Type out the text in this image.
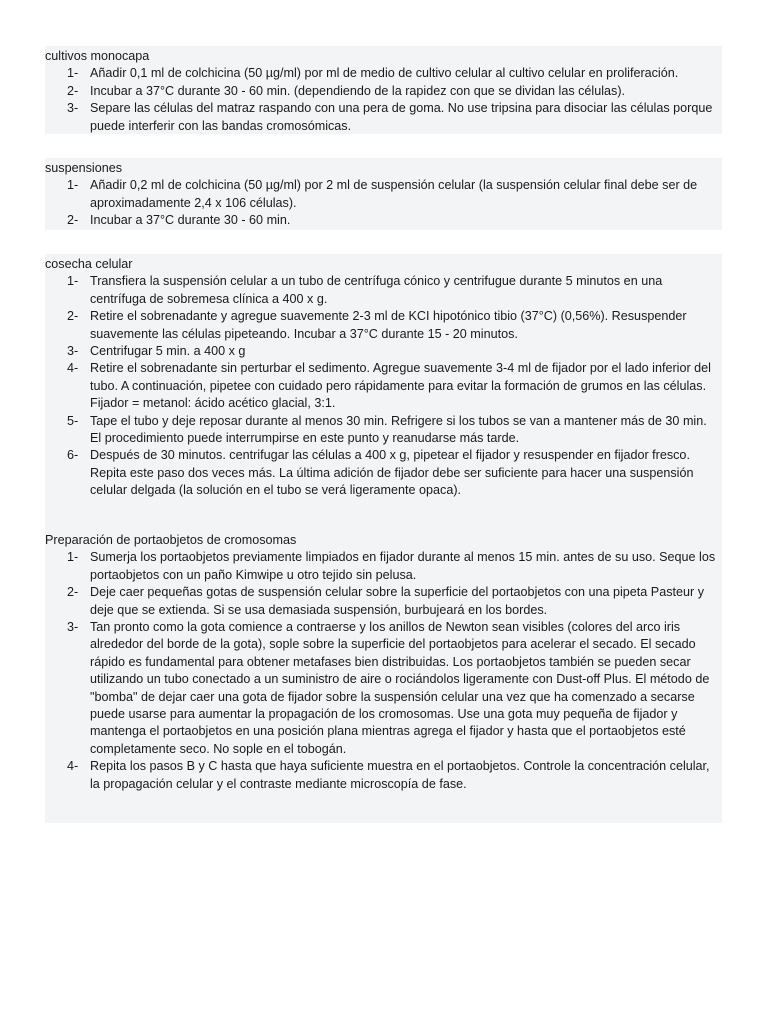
cultivos monocapa
1- Añadir 0,1 ml de colchicina (50 µg/ml) por ml de medio de cultivo celular al cultivo celular en proliferación.
2- Incubar a 37°C durante 30 - 60 min. (dependiendo de la rapidez con que se dividan las células).
3- Separe las células del matraz raspando con una pera de goma. No use tripsina para disociar las células porque puede interferir con las bandas cromosómicas.
suspensiones
1- Añadir 0,2 ml de colchicina (50 µg/ml) por 2 ml de suspensión celular (la suspensión celular final debe ser de aproximadamente 2,4 x 106 células).
2- Incubar a 37°C durante 30 - 60 min.
cosecha celular
1- Transfiera la suspensión celular a un tubo de centrífuga cónico y centrifugue durante 5 minutos en una centrífuga de sobremesa clínica a 400 x g.
2- Retire el sobrenadante y agregue suavemente 2-3 ml de KCI hipotónico tibio (37°C) (0,56%). Resuspender suavemente las células pipeteando. Incubar a 37°C durante 15 - 20 minutos.
3- Centrifugar 5 min. a 400 x g
4- Retire el sobrenadante sin perturbar el sedimento. Agregue suavemente 3-4 ml de fijador por el lado inferior del tubo. A continuación, pipetee con cuidado pero rápidamente para evitar la formación de grumos en las células. Fijador = metanol: ácido acético glacial, 3:1.
5- Tape el tubo y deje reposar durante al menos 30 min. Refrigere si los tubos se van a mantener más de 30 min. El procedimiento puede interrumpirse en este punto y reanudarse más tarde.
6- Después de 30 minutos. centrifugar las células a 400 x g, pipetear el fijador y resuspender en fijador fresco. Repita este paso dos veces más. La última adición de fijador debe ser suficiente para hacer una suspensión celular delgada (la solución en el tubo se verá ligeramente opaca).
Preparación de portaobjetos de cromosomas
1- Sumerja los portaobjetos previamente limpiados en fijador durante al menos 15 min. antes de su uso. Seque los portaobjetos con un paño Kimwipe u otro tejido sin pelusa.
2- Deje caer pequeñas gotas de suspensión celular sobre la superficie del portaobjetos con una pipeta Pasteur y deje que se extienda. Si se usa demasiada suspensión, burbujeará en los bordes.
3- Tan pronto como la gota comience a contraerse y los anillos de Newton sean visibles (colores del arco iris alrededor del borde de la gota), sople sobre la superficie del portaobjetos para acelerar el secado. El secado rápido es fundamental para obtener metafases bien distribuidas. Los portaobjetos también se pueden secar utilizando un tubo conectado a un suministro de aire o rociándolos ligeramente con Dust-off Plus. El método de "bomba" de dejar caer una gota de fijador sobre la suspensión celular una vez que ha comenzado a secarse puede usarse para aumentar la propagación de los cromosomas. Use una gota muy pequeña de fijador y mantenga el portaobjetos en una posición plana mientras agrega el fijador y hasta que el portaobjetos esté completamente seco. No sople en el tobogán.
4- Repita los pasos B y C hasta que haya suficiente muestra en el portaobjetos. Controle la concentración celular, la propagación celular y el contraste mediante microscopía de fase.
